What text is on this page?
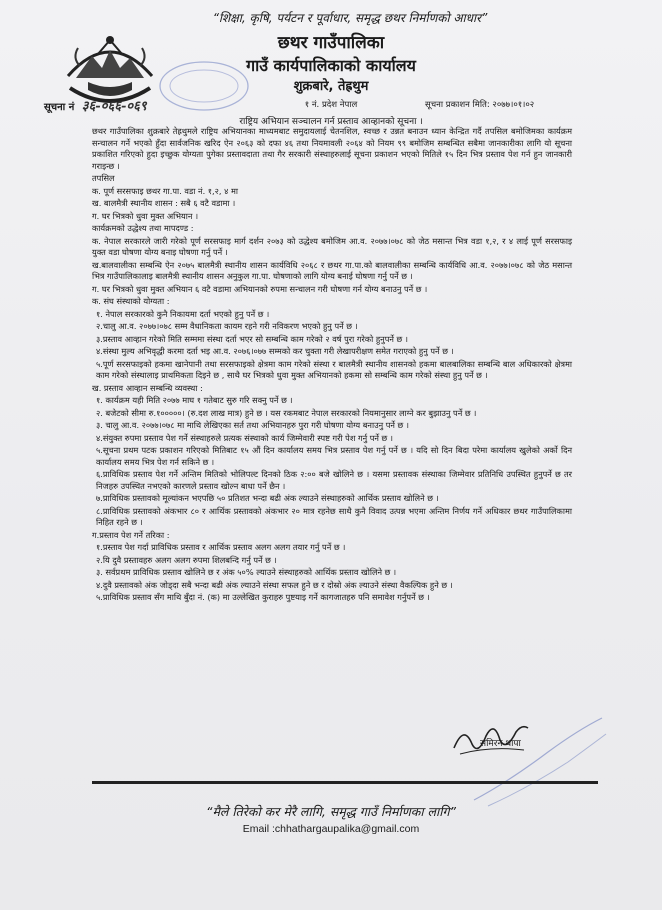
“शिक्षा, कृषि, पर्यटन र पूर्वाधार, समृद्ध छथर निर्माणको आधार”
छथर गाउँपालिका
गाउँ कार्यपालिकाको कार्यालय
शुक्रबारे, तेह्रथुम
सूचना नं ३६-०६६-०६९	१ नं. प्रदेश नेपाल	सूचना प्रकाशन मिति: २०७७।०१।०२
राष्ट्रिय अभियान सञ्चालन गर्न प्रस्ताव आव्हानको सूचना ।

छथर गाउँपालिका शुक्रबारे तेह्रथुमले राष्ट्रिय अभियानका माध्यमबाट समुदायलाई चेतनशिल, स्वच्छ र उन्नत बनाउन ध्यान केन्द्रित गर्दै तपसिल बमोजिमका कार्यक्रम सन्चालन गर्ने भएको हुँदा सार्वजनिक खरिद ऐन २०६३ को दफा ४६ तथा नियमावली २०६४ को नियम ९९ बमोजिम सम्बन्धित सबैमा जानकारीका लागि यो सूचना प्रकाशित गरिएको हुदा इच्छुक योग्यता पुगेका प्रस्तावदाता तथा गैर सरकारी संस्थाहरुलाई सूचना प्रकाशन भएको मितिले १५ दिन भित्र प्रस्ताव पेश गर्न हुन जानकारी गराइन्छ ।

तपसिल

क. पूर्ण सरसफाइ छथर गा.पा. वडा नं. १,२, ४ मा

ख. बालमैत्री स्थानीय शासन : सबै ६ वटै वडामा ।

ग. घर भित्रको धुवा मुक्त अभियान ।

कार्यक्रमको उद्धेश्य तथा मापदण्ड :

क. नेपाल सरकारले जारी गरेको पूर्ण सरसफाइ मार्ग दर्शन २०७३ को उद्धेश्य बमोजिम आ.व. २०७७।०७८ को जेठ मसान्त भित्र वडा १,२, र ४ लाई पूर्ण सरसफाइ युक्त वडा घोषणा योग्य बनाइ घोषणा गर्नु पर्ने ।

ख.बालवालीका सम्बन्धि ऐन २०७५ बालमैत्री स्थानीय शासन कार्यविधि २०६८ र छथर गा.पा.को बालवालीका सम्बन्धि कार्यविधि आ.व. २०७७।०७८ को जेठ मसान्त भित्र गाउँपालिकालाइ बालमैत्री स्थानीय शासन अनुकुल गा.पा. घोषणाको लागि योग्य बनाई घोषणा गर्नु पर्ने छ ।

ग. घर भित्रको धुवा मुक्त अभियान ६ वटै वडामा अभियानको रुपमा सन्चालन गरी घोषणा गर्न योग्य बनाउनु पर्ने छ ।

क. संघ संस्थाको योग्यता :

१. नेपाल सरकारको कुनै निकायमा दर्ता भएको हुनु पर्ने छ ।

२.चालु आ.व. २०७७।०७८ सम्म वैधानिकता कायम रहने गरी नविकरण भएको हुनु पर्ने छ ।

३.प्रस्ताव आव्हान गरेको मिति सम्ममा संस्था दर्ता भएर सो सम्बन्धि काम गरेको २ वर्ष पुरा गरेको हुनुपर्ने छ ।

४.संस्था मुल्य अभिवृद्धी करमा दर्ता भइ आ.व. २०७६।०७७ सम्मको कर चुक्ता गरी लेखापरीक्षण समेत गराएको हुनु पर्ने छ ।

५.पूर्ण सरसफाइको हकमा खानेपानी तथा सरसफाइको क्षेत्रमा काम गरेको संस्था र बालमैत्री स्थानीय शासनको हकमा बालबालिका सम्बन्धि बाल अधिकारको क्षेत्रमा काम गरेको संस्थालाइ प्राथमिकता दिइने छ , साथै घर भित्रको धुवा मुक्त अभियानको हकमा सो सम्बन्धि काम गरेको संस्था हुनु पर्ने छ ।

ख. प्रस्ताव आव्हान सम्बन्धि व्यवस्था :

१. कार्यक्रम यही मिति २०७७ माघ १ गतेबाट सुरु गरि सक्नु पर्ने छ ।

२. बजेटको सीमा रु.१०००००। (रु.दश लाख मात्र) हुने छ । यस रकमबाट नेपाल सरकारको नियमानुसार लाग्ने कर बुझाउनु पर्ने छ ।

३. चालु आ.व. २०७७।०७८ मा माथि लेखिएका सर्त तथा अभियानहरु पुरा गरी घोषणा योग्य बनाउनु पर्ने छ ।

४.संयुक्त रुपमा प्रस्ताव पेश गर्ने संस्थाहरुले प्रत्यक संस्थाको कार्य जिम्मेवारी स्पष्ट गरी पेश गर्नु पर्ने छ ।

५.सूचना प्रथम पटक प्रकाशन गरिएको मितिबाट १५ औं दिन कार्यालय समय भित्र प्रस्ताव पेश गर्नु पर्ने छ । यदि सो दिन बिदा परेमा कार्यालय खुलेको अर्को दिन कार्यालय समय भित्र पेश गर्न सकिने छ ।

६.प्राविधिक प्रस्ताव पेश गर्ने अन्तिम मितिको भोलिपल्ट दिनको ठिक २:०० बजे खोलिने छ । यसमा प्रस्तावक संस्थाका जिम्मेवार प्रतिनिधि उपस्थित हुनुपर्ने छ तर निजहरु उपस्थित नभएको कारणले प्रस्ताव खोल्न बाधा पर्ने छैन ।

७.प्राविधिक प्रस्तावको मूल्यांकन भएपछि ५० प्रतिशत भन्दा बढी अंक ल्याउने संस्थाहरुको आर्थिक प्रस्ताव खोलिने छ ।

८.प्राविधिक प्रस्तावको अंकभार ८० र आर्थिक प्रस्तावको अंकभार २० मात्र रहनेछ साथै कुनै विवाद उत्पन्न भएमा अन्तिम निर्णय गर्ने अधिकार छथर गाउँपालिकामा निहित रहने छ ।

ग.प्रस्ताव पेश गर्ने तरिका :

१.प्रस्ताव पेश गर्दा प्राविधिक प्रस्ताव र आर्थिक प्रस्ताव अलग अलग तयार गर्नु पर्ने छ ।

२.यि दुवै प्रस्तावहरु अलग अलग रुपमा शिलबन्दि गर्नु पर्ने छ ।

३. सर्वप्रथम प्राविधिक प्रस्ताव खोलिने छ र अंक ५०% ल्याउने संस्थाहरुको आर्थिक प्रस्ताव खोलिने छ ।

४.दुवै प्रस्तावको अंक जोड्दा सबै भन्दा बढी अंक ल्याउने संस्था सफल हुने छ र दोस्रो अंक ल्याउने संस्था वैकल्पिक हुने छ ।

५.प्राविधिक प्रस्ताव सँग माथि बुँदा नं. (क) मा उल्लेखित कुराहरु पुष्टयाइ गर्ने कागजातहरु पनि समावेश गर्नुपर्ने छ ।

समिरन थापा
“मैले तिरेको कर मेरै लागि, समृद्ध गाउँ निर्माणका लागि”
Email :chhathargaupalika@gmail.com
